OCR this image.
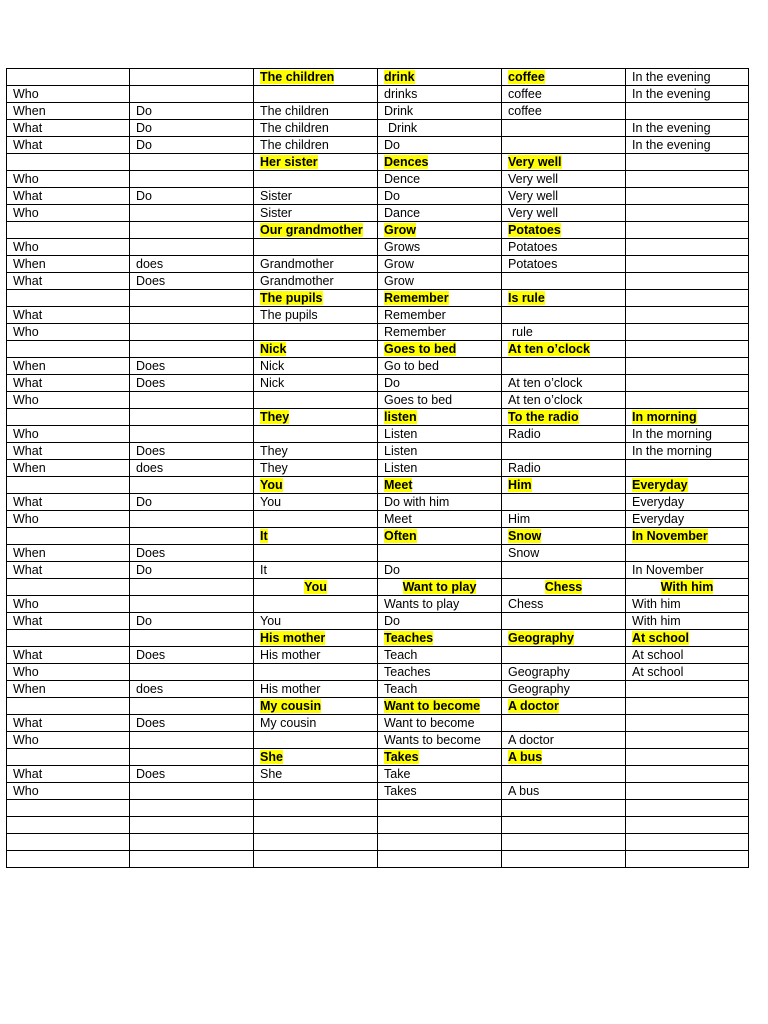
		The children	drink	coffee	In the evening
Who			drinks	coffee	In the evening
When	Do	The children	Drink	coffee	
What	Do	The children	Drink		In the evening
What	Do	The children	Do		In the evening
		Her sister	Dences	Very well	
Who			Dence	Very well	
What	Do	Sister	Do	Very well	
Who		Sister	Dance	Very well	
		Our grandmother	Grow	Potatoes	
Who			Grows	Potatoes	
When	does	Grandmother	Grow	Potatoes	
What	Does	Grandmother	Grow		
		The pupils	Remember	Is rule	
What		The pupils	Remember		
Who			Remember	rule	
		Nick	Goes to bed	At ten o’clock	
When	Does	Nick	Go to bed		
What	Does	Nick	Do	At ten o’clock	
Who			Goes to bed	At ten o’clock	
		They	listen	To the radio	In morning
Who			Listen	Radio	In the morning
What	Does	They	Listen		In the morning
When	does	They	Listen	Radio	
		You	Meet	Him	Everyday
What	Do	You	Do with him		Everyday
Who			Meet	Him	Everyday
		It	Often	Snow	In November
When	Does			Snow	
What	Do	It	Do		In November
		You	Want to play	Chess	With him
Who			Wants to play	Chess	With him
What	Do	You	Do		With him
		His mother	Teaches	Geography	At school
What	Does	His mother	Teach		At school
Who			Teaches	Geography	At school
When	does	His mother	Teach	Geography	
		My cousin	Want to become	A doctor	
What	Does	My cousin	Want to become		
Who			Wants to become	A doctor	
		She	Takes	A bus	
What	Does	She	Take		
Who			Takes	A bus	
